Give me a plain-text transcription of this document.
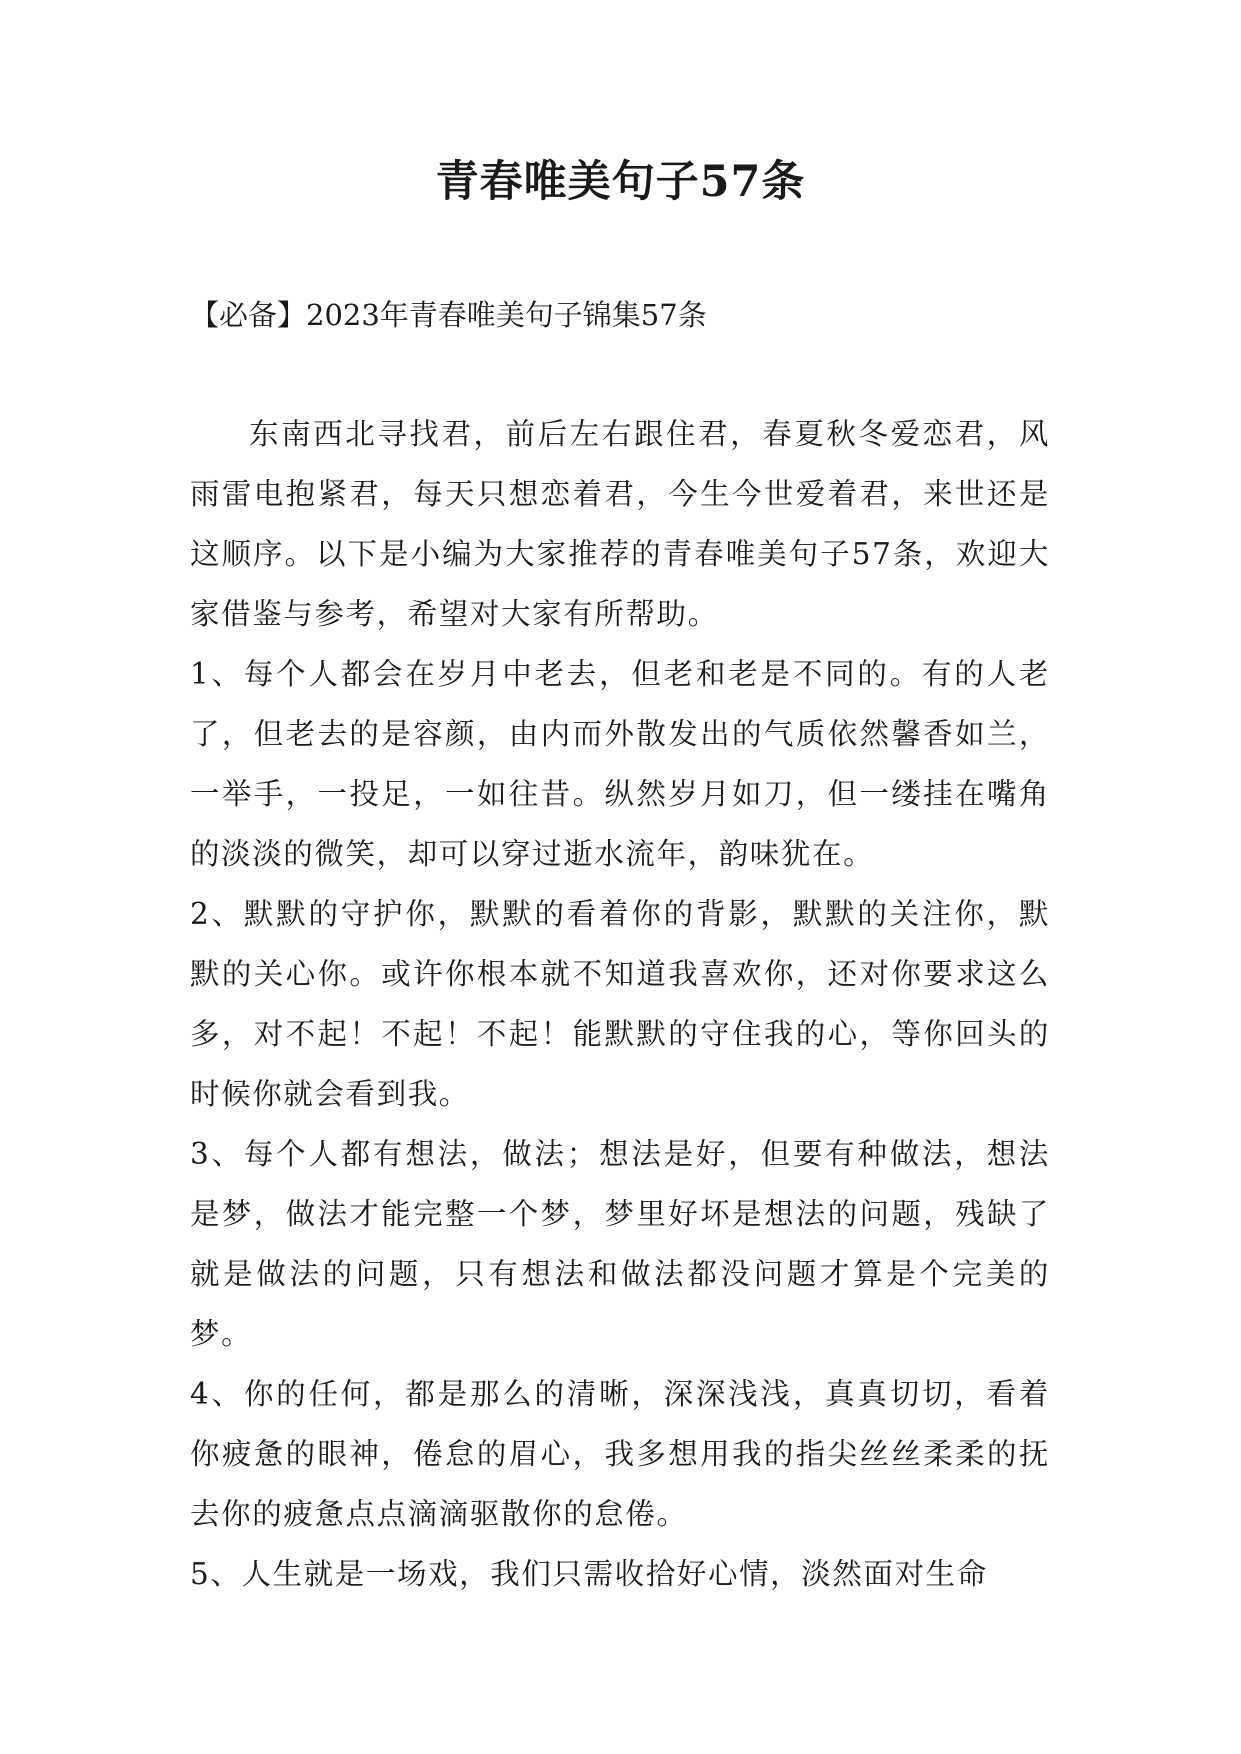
青春唯美句子57条

【必备】2023年青春唯美句子锦集57条

东南西北寻找君，前后左右跟住君，春夏秋冬爱恋君，风雨雷电抱紧君，每天只想恋着君，今生今世爱着君，来世还是这顺序。以下是小编为大家推荐的青春唯美句子57条，欢迎大家借鉴与参考，希望对大家有所帮助。

1、每个人都会在岁月中老去，但老和老是不同的。有的人老了，但老去的是容颜，由内而外散发出的气质依然馨香如兰，一举手，一投足，一如往昔。纵然岁月如刀，但一缕挂在嘴角的淡淡的微笑，却可以穿过逝水流年，韵味犹在。

2、默默的守护你，默默的看着你的背影，默默的关注你，默默的关心你。或许你根本就不知道我喜欢你，还对你要求这么多，对不起！不起！不起！能默默的守住我的心，等你回头的时候你就会看到我。

3、每个人都有想法，做法；想法是好，但要有种做法，想法是梦，做法才能完整一个梦，梦里好坏是想法的问题，残缺了就是做法的问题，只有想法和做法都没问题才算是个完美的梦。

4、你的任何，都是那么的清晰，深深浅浅，真真切切，看着你疲惫的眼神，倦怠的眉心，我多想用我的指尖丝丝柔柔的抚去你的疲惫点点滴滴驱散你的怠倦。

5、人生就是一场戏，我们只需收拾好心情，淡然面对生命
